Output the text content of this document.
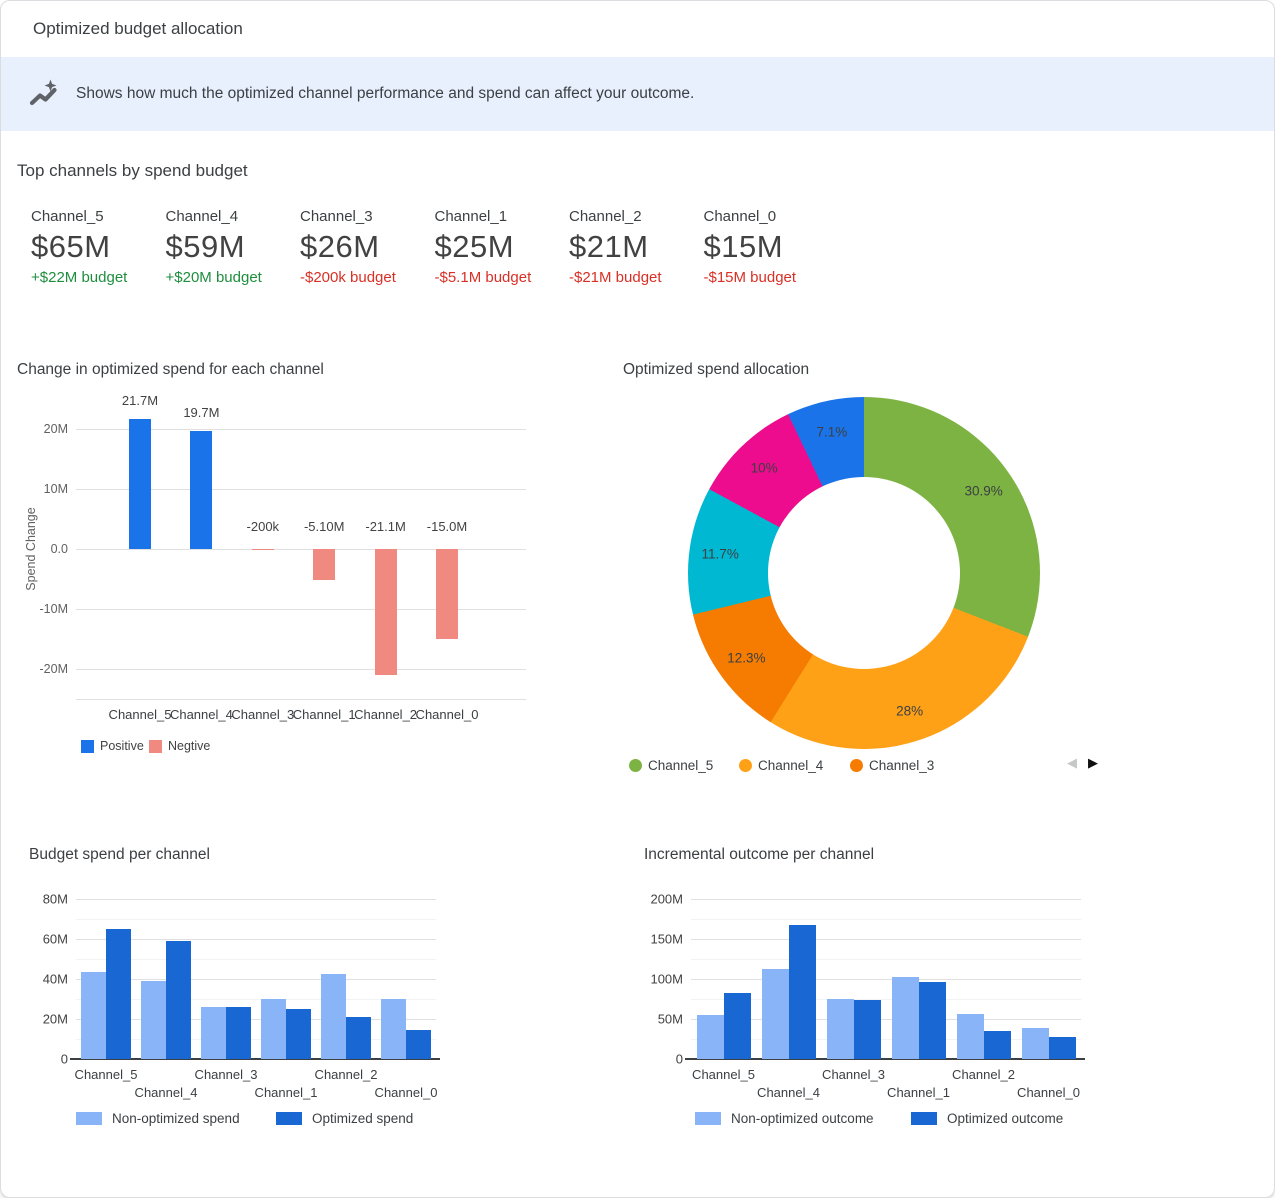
Optimized budget allocation
Shows how much the optimized channel performance and spend can affect your outcome.
Top channels by spend budget
Channel_5
$65M
+$22M budget
Channel_4
$59M
+$20M budget
Channel_3
$26M
-$200k budget
Channel_1
$25M
-$5.1M budget
Channel_2
$21M
-$21M budget
Channel_0
$15M
-$15M budget
Change in optimized spend for each channel
20M
10M
0.0
-10M
-20M
Spend Change
21.7M
Channel_5
19.7M
Channel_4
-200k
Channel_3
-5.10M
Channel_1
-21.1M
Channel_2
-15.0M
Channel_0
Positive Negtive
Optimized spend allocation
30.9%
28%
12.3%
11.7%
10%
7.1%
Channel_5	Channel_4	Channel_3	◀ ▶
Budget spend per channel
0
20M
40M
60M
80M
Channel_5
Channel_4
Channel_3
Channel_1
Channel_2
Channel_0
Non-optimized spend	Optimized spend
Incremental outcome per channel
0
50M
100M
150M
200M
Channel_5
Channel_4
Channel_3
Channel_1
Channel_2
Channel_0
Non-optimized outcome	Optimized outcome
